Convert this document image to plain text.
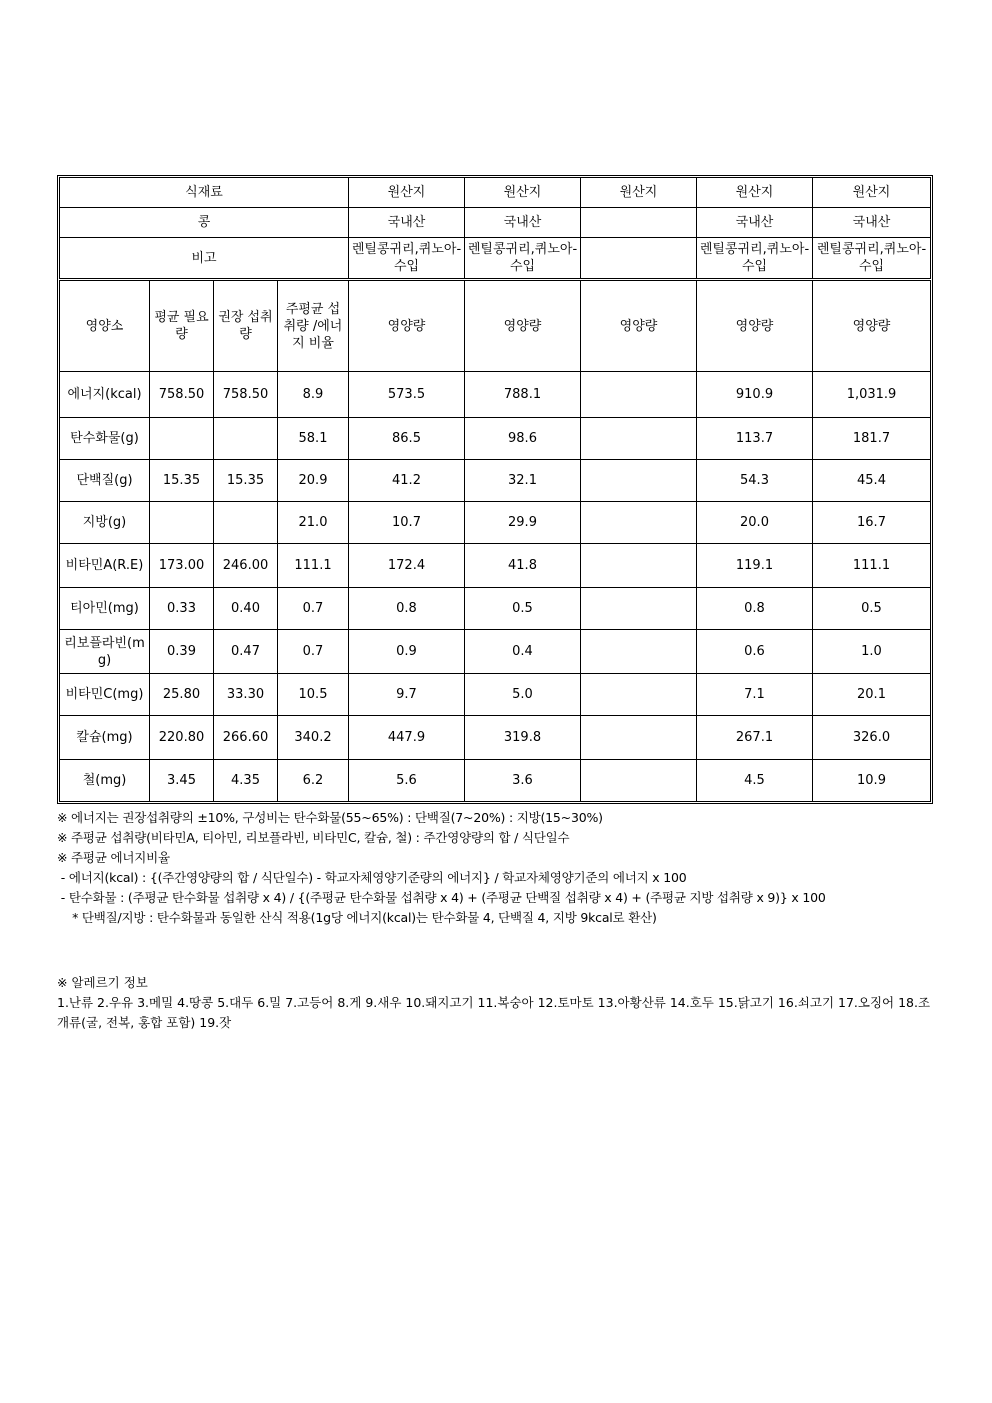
식재료				원산지	원산지	원산지	원산지	원산지
콩				국내산	국내산		국내산	국내산
비고				렌틸콩귀리,퀴노아-수입	렌틸콩귀리,퀴노아-수입		렌틸콩귀리,퀴노아-수입	렌틸콩귀리,퀴노아-수입
영양소	평균 필요량	권장 섭취량	주평균 섭취량 /에너지 비율	영양량	영양량	영양량	영양량	영양량
에너지(kcal)	758.50	758.50	8.9	573.5	788.1		910.9	1,031.9
탄수화물(g)			58.1	86.5	98.6		113.7	181.7
단백질(g)	15.35	15.35	20.9	41.2	32.1		54.3	45.4
지방(g)			21.0	10.7	29.9		20.0	16.7
비타민A(R.E)	173.00	246.00	111.1	172.4	41.8		119.1	111.1
티아민(mg)	0.33	0.40	0.7	0.8	0.5		0.8	0.5
리보플라빈(mg)	0.39	0.47	0.7	0.9	0.4		0.6	1.0
비타민C(mg)	25.80	33.30	10.5	9.7	5.0		7.1	20.1
칼슘(mg)	220.80	266.60	340.2	447.9	319.8		267.1	326.0
철(mg)	3.45	4.35	6.2	5.6	3.6		4.5	10.9
※ 에너지는 권장섭취량의 ±10%, 구성비는 탄수화물(55~65%) : 단백질(7~20%) : 지방(15~30%)
※ 주평균 섭취량(비타민A, 티아민, 리보플라빈, 비타민C, 칼슘, 철) : 주간영양량의 합 / 식단일수
※ 주평균 에너지비율
- 에너지(kcal) : {(주간영양량의 합 / 식단일수) - 학교자체영양기준량의 에너지} / 학교자체영양기준의 에너지 x 100
- 탄수화물 : (주평균 탄수화물 섭취량 x 4) / {(주평균 탄수화물 섭취량 x 4) + (주평균 단백질 섭취량 x 4) + (주평균 지방 섭취량 x 9)} x 100
* 단백질/지방 : 탄수화물과 동일한 산식 적용(1g당 에너지(kcal)는 탄수화물 4, 단백질 4, 지방 9kcal로 환산)
※ 알레르기 정보
1.난류 2.우유 3.메밀 4.땅콩 5.대두 6.밀 7.고등어 8.게 9.새우 10.돼지고기 11.복숭아 12.토마토 13.아황산류 14.호두 15.닭고기 16.쇠고기 17.오징어 18.조개류(굴, 전복, 홍합 포함) 19.잣
